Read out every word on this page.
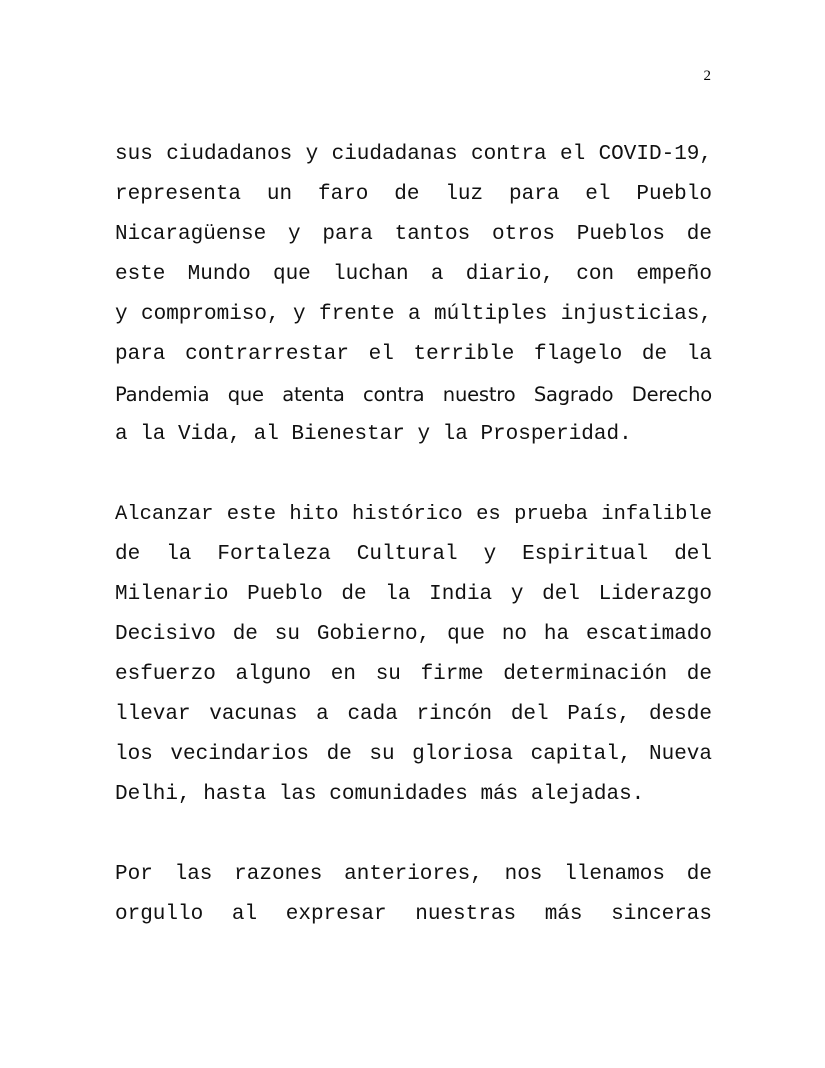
2
sus ciudadanos y ciudadanas contra el COVID-19,
representa un faro de luz para el Pueblo
Nicaragüense y para tantos otros Pueblos de
este Mundo que luchan a diario, con empeño
y compromiso, y frente a múltiples injusticias,
para contrarrestar el terrible flagelo de la
Pandemia que atenta contra nuestro Sagrado Derecho
a la Vida, al Bienestar y la Prosperidad.
Alcanzar este hito histórico es prueba infalible
de la Fortaleza Cultural y Espiritual del
Milenario Pueblo de la India y del Liderazgo
Decisivo de su Gobierno, que no ha escatimado
esfuerzo alguno en su firme determinación de
llevar vacunas a cada rincón del País, desde
los vecindarios de su gloriosa capital, Nueva
Delhi, hasta las comunidades más alejadas.
Por las razones anteriores, nos llenamos de
orgullo al expresar nuestras más sinceras
